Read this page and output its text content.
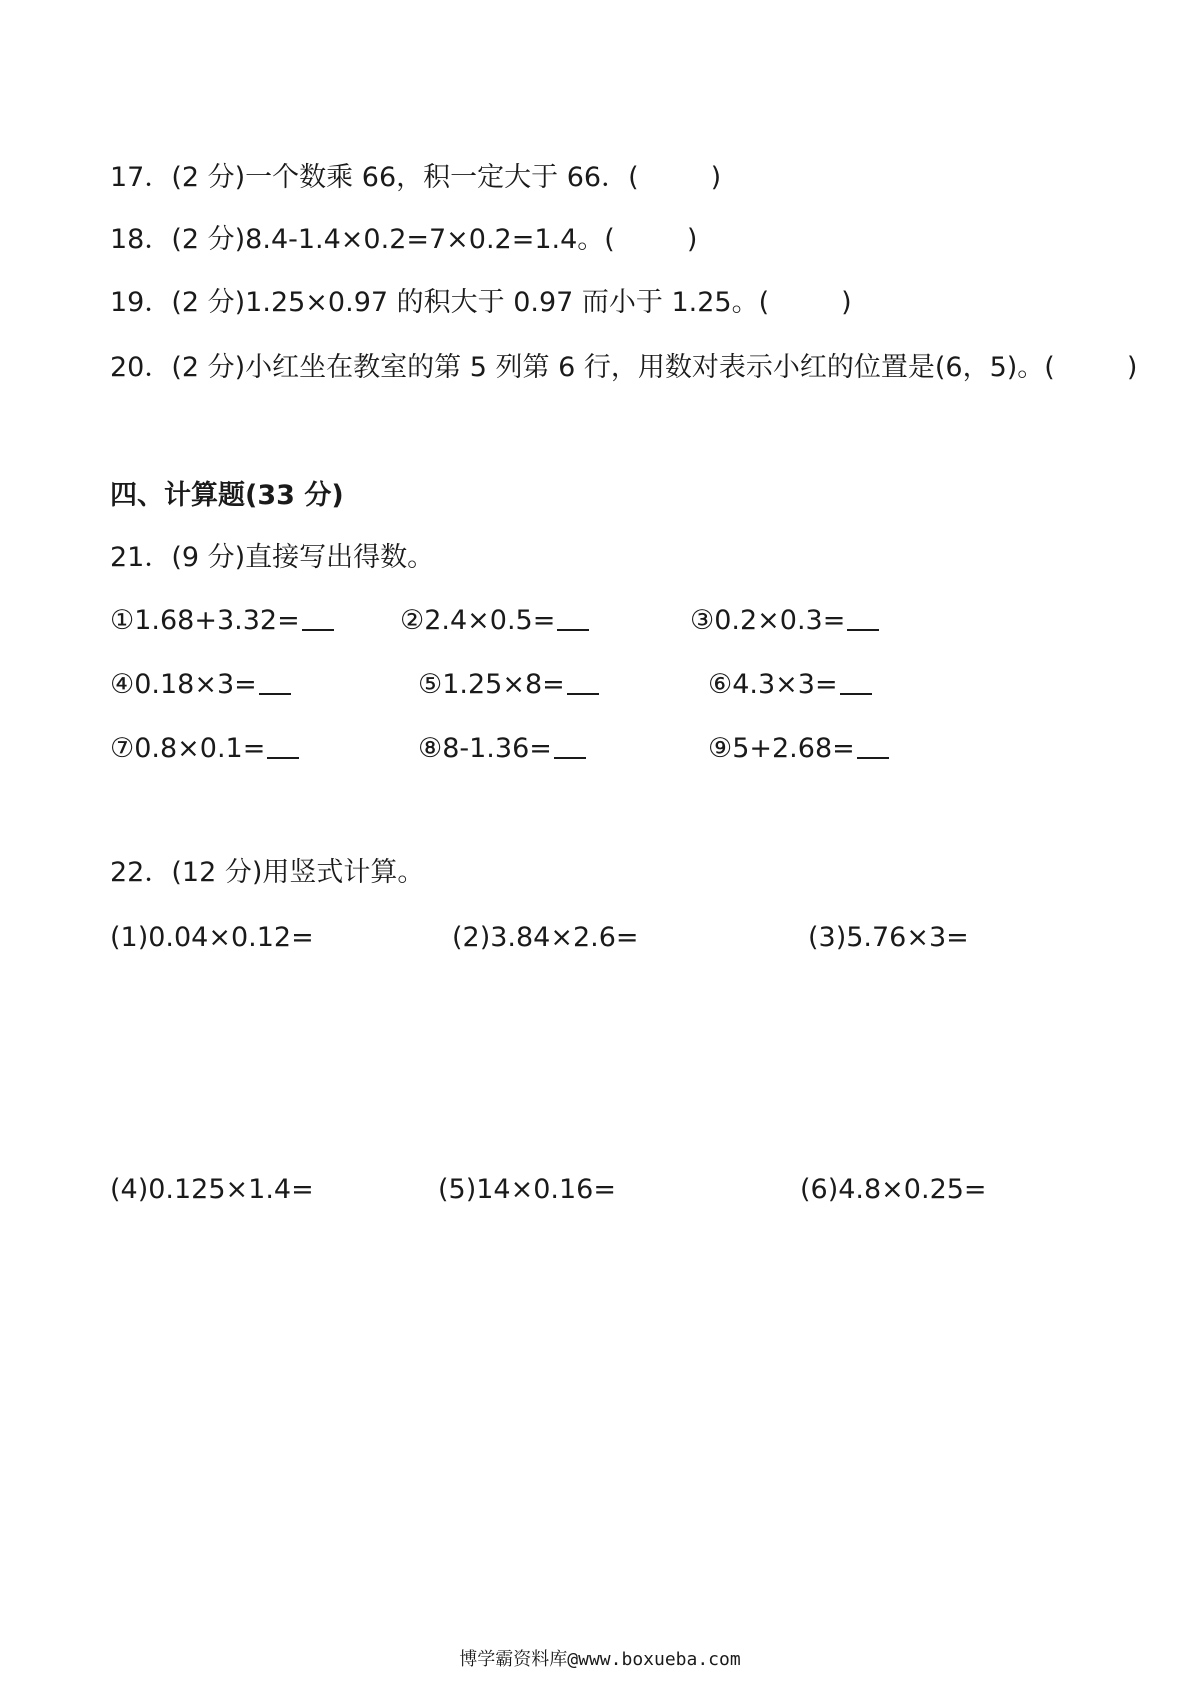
17．(2 分)一个数乘 66，积一定大于 66．(	)
18．(2 分)8.4-1.4×0.2=7×0.2=1.4。(	)
19．(2 分)1.25×0.97 的积大于 0.97 而小于 1.25。(	)
20．(2 分)小红坐在教室的第 5 列第 6 行，用数对表示小红的位置是(6，5)。(	)
四、计算题(33 分)
21．(9 分)直接写出得数。
①1.68+3.32=	②2.4×0.5=	③0.2×0.3=
④0.18×3=	⑤1.25×8=	⑥4.3×3=
⑦0.8×0.1=	⑧8-1.36=	⑨5+2.68=
22．(12 分)用竖式计算。
(1)0.04×0.12=	(2)3.84×2.6=	(3)5.76×3=
(4)0.125×1.4=	(5)14×0.16=	(6)4.8×0.25=
博学霸资料库@www.boxueba.com
